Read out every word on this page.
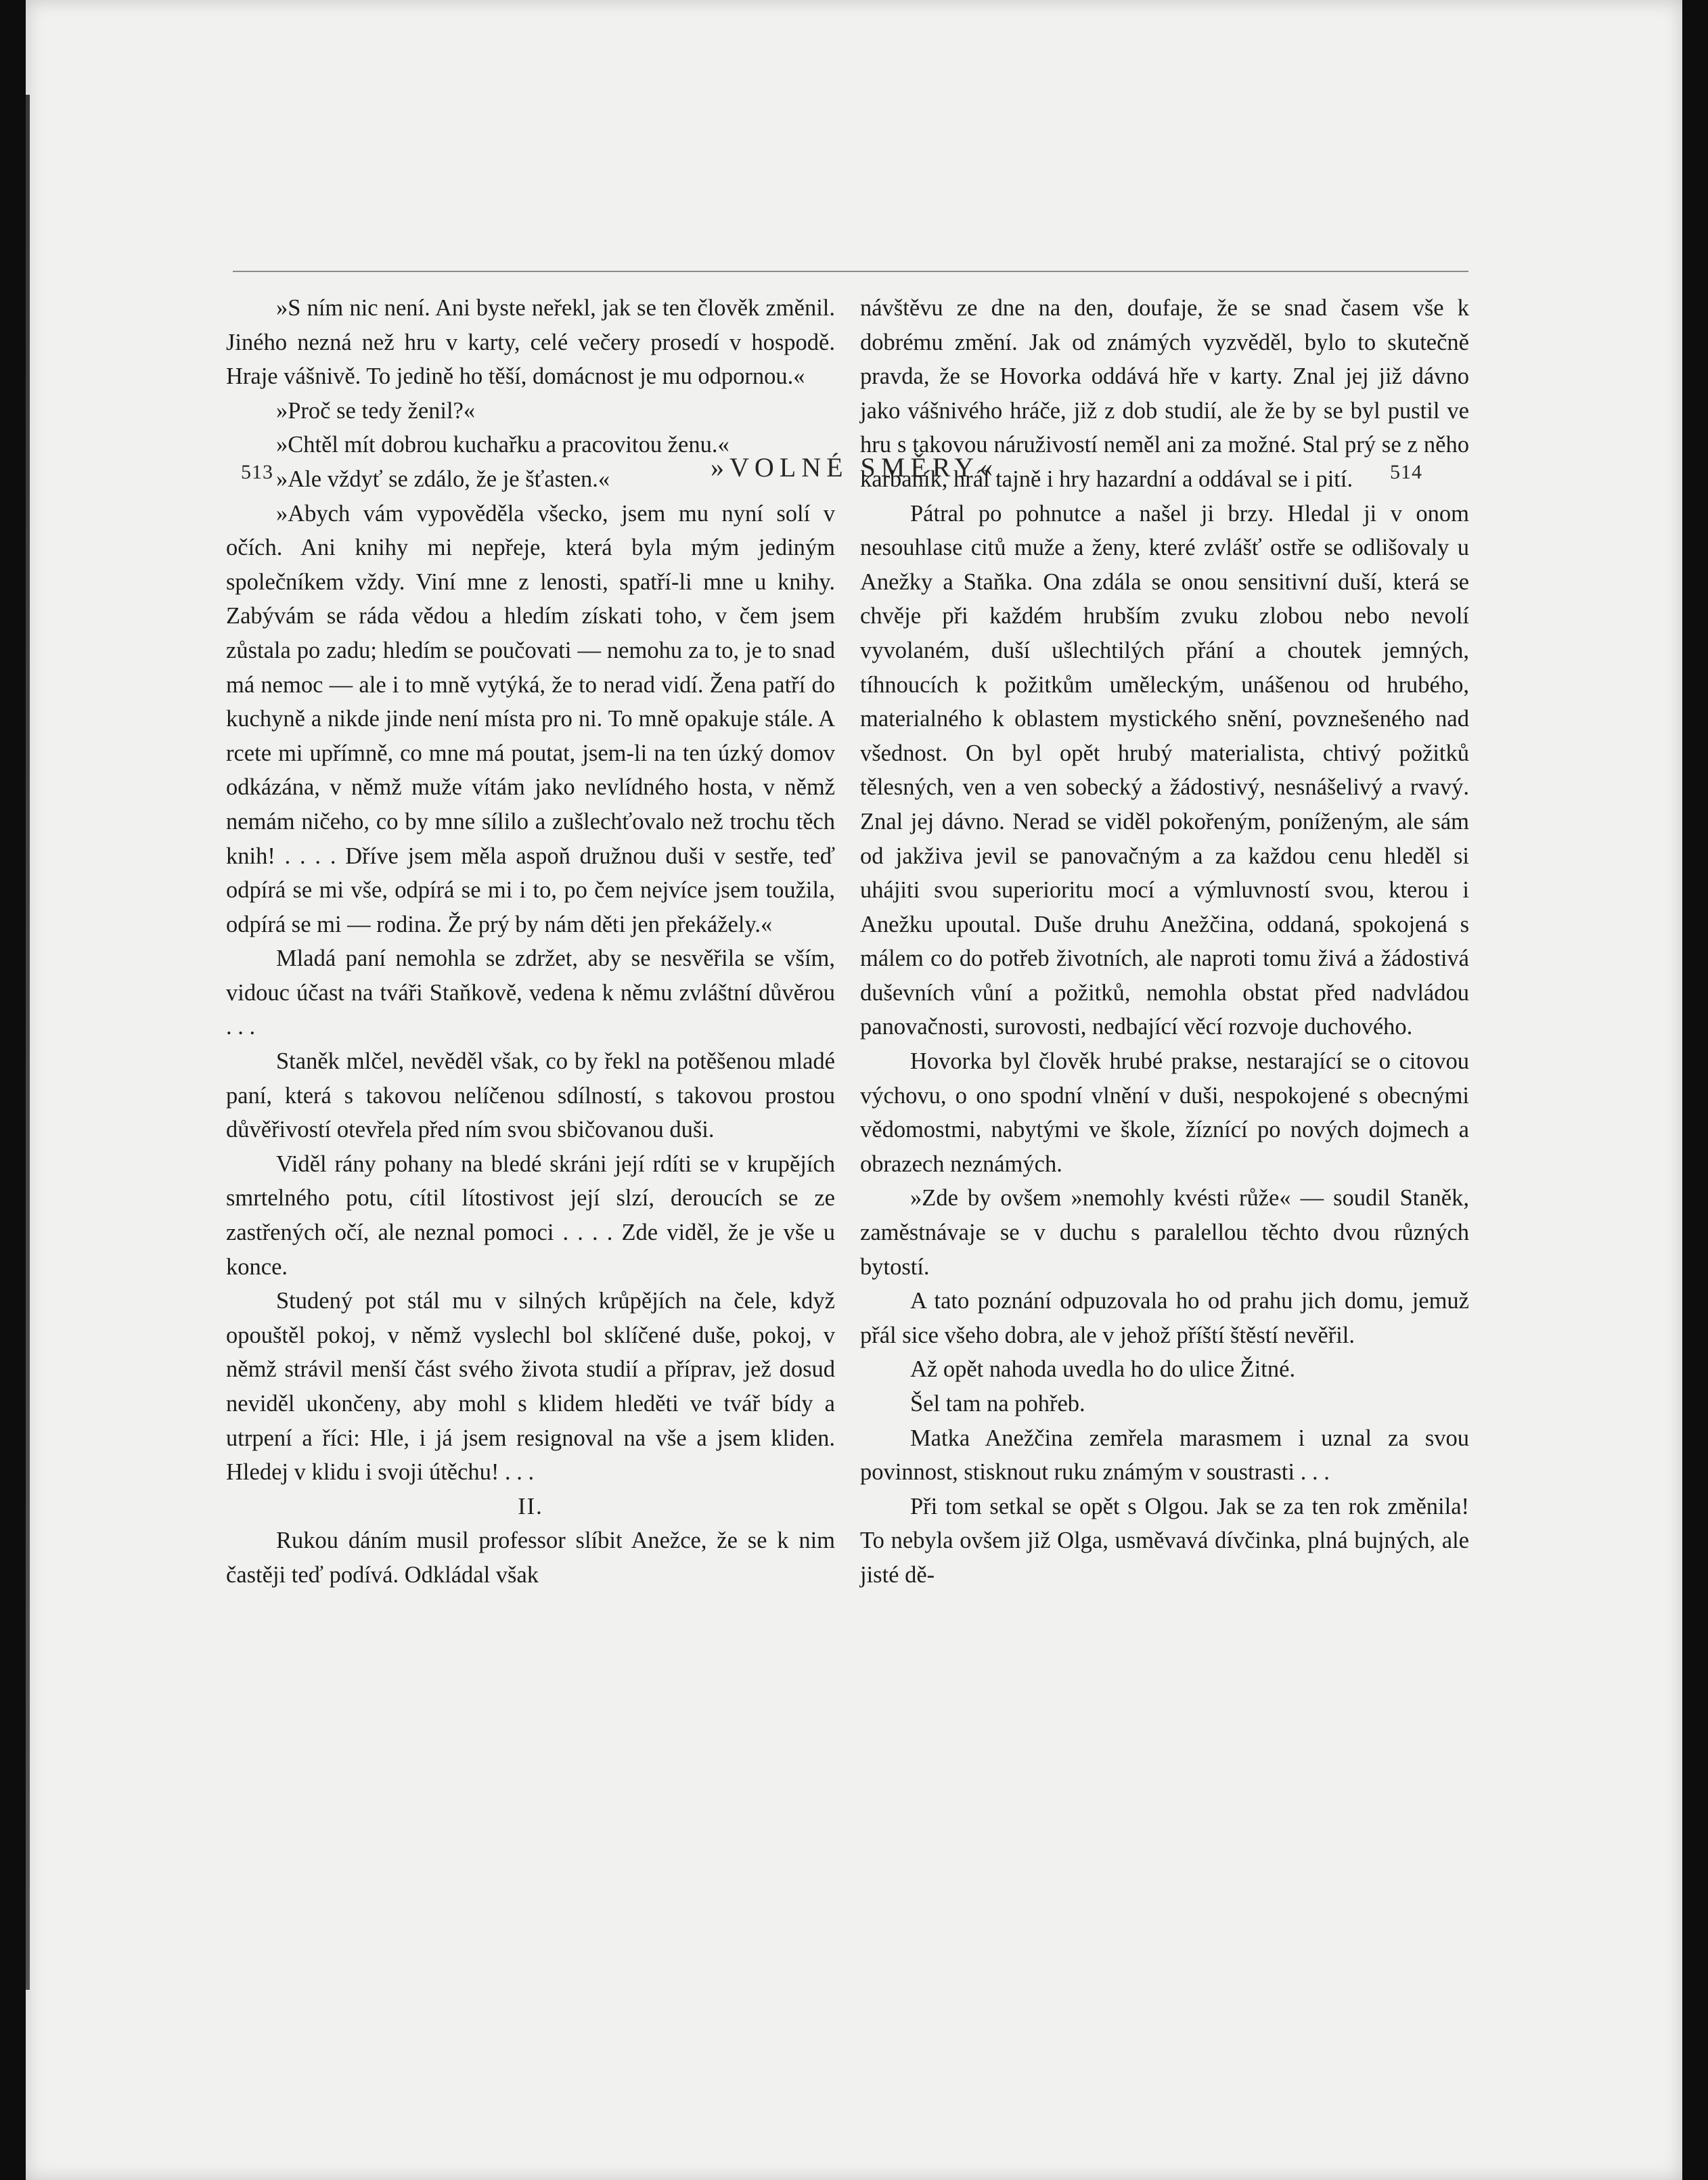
513	»VOLNÉ SMĚRY«	514

»S ním nic není. Ani byste neřekl, jak se ten člověk změnil. Jiného nezná než hru v karty, celé večery prosedí v hospodě. Hraje vášnivě. To jedině ho těší, domácnost je mu odpornou.«

»Proč se tedy ženil?«

»Chtěl mít dobrou kuchařku a pracovitou ženu.«

»Ale vždyť se zdálo, že je šťasten.«

»Abych vám vypověděla všecko, jsem mu nyní solí v očích. Ani knihy mi nepřeje, která byla mým jediným společníkem vždy. Viní mne z lenosti, spatří-li mne u knihy. Zabývám se ráda vědou a hledím získati toho, v čem jsem zůstala po zadu; hledím se poučovati — nemohu za to, je to snad má nemoc — ale i to mně vytýká, že to nerad vidí. Žena patří do kuchyně a nikde jinde není místa pro ni. To mně opakuje stále. A rcete mi upřímně, co mne má poutat, jsem-li na ten úzký domov odkázána, v němž muže vítám jako nevlídného hosta, v němž nemám ničeho, co by mne sílilo a zušlechťovalo než trochu těch knih! . . . . Dříve jsem měla aspoň družnou duši v sestře, teď odpírá se mi vše, odpírá se mi i to, po čem nejvíce jsem toužila, odpírá se mi — rodina. Že prý by nám děti jen překážely.«

Mladá paní nemohla se zdržet, aby se nesvěřila se vším, vidouc účast na tváři Staňkově, vedena k němu zvláštní důvěrou . . .

Staněk mlčel, nevěděl však, co by řekl na potěšenou mladé paní, která s takovou nelíčenou sdílností, s takovou prostou důvěřivostí otevřela před ním svou sbičovanou duši.

Viděl rány pohany na bledé skráni její rdíti se v krupějích smrtelného potu, cítil lítostivost její slzí, deroucích se ze zastřených očí, ale neznal pomoci . . . . Zde viděl, že je vše u konce.

Studený pot stál mu v silných krůpějích na čele, když opouštěl pokoj, v němž vyslechl bol sklíčené duše, pokoj, v němž strávil menší část svého života studií a příprav, jež dosud neviděl ukončeny, aby mohl s klidem hleděti ve tvář bídy a utrpení a říci: Hle, i já jsem resignoval na vše a jsem kliden. Hledej v klidu i svoji útěchu! . . .

II.

Rukou dáním musil professor slíbit Anežce, že se k nim častěji teď podívá. Odkládal však

návštěvu ze dne na den, doufaje, že se snad časem vše k dobrému změní. Jak od známých vyzvěděl, bylo to skutečně pravda, že se Hovorka oddává hře v karty. Znal jej již dávno jako vášnivého hráče, již z dob studií, ale že by se byl pustil ve hru s takovou náruživostí neměl ani za možné. Stal prý se z něho karbaník, hrál tajně i hry hazardní a oddával se i pití.

Pátral po pohnutce a našel ji brzy. Hledal ji v onom nesouhlase citů muže a ženy, které zvlášť ostře se odlišovaly u Anežky a Staňka. Ona zdála se onou sensitivní duší, která se chvěje při každém hrubším zvuku zlobou nebo nevolí vyvolaném, duší ušlechtilých přání a choutek jemných, tíhnoucích k požitkům uměleckým, unášenou od hrubého, materialného k oblastem mystického snění, povznešeného nad všednost. On byl opět hrubý materialista, chtivý požitků tělesných, ven a ven sobecký a žádostivý, nesnášelivý a rvavý. Znal jej dávno. Nerad se viděl pokořeným, poníženým, ale sám od jakživa jevil se panovačným a za každou cenu hleděl si uhájiti svou superioritu mocí a výmluvností svou, kterou i Anežku upoutal. Duše druhu Anežčina, oddaná, spokojená s málem co do potřeb životních, ale naproti tomu živá a žádostivá duševních vůní a požitků, nemohla obstat před nadvládou panovačnosti, surovosti, nedbající věcí rozvoje duchového.

Hovorka byl člověk hrubé prakse, nestarající se o citovou výchovu, o ono spodní vlnění v duši, nespokojené s obecnými vědomostmi, nabytými ve škole, žíznící po nových dojmech a obrazech neznámých.

»Zde by ovšem »nemohly kvésti růže« — soudil Staněk, zaměstnávaje se v duchu s paralellou těchto dvou různých bytostí.

A tato poznání odpuzovala ho od prahu jich domu, jemuž přál sice všeho dobra, ale v jehož příští štěstí nevěřil.

Až opět nahoda uvedla ho do ulice Žitné.

Šel tam na pohřeb.

Matka Anežčina zemřela marasmem i uznal za svou povinnost, stisknout ruku známým v soustrasti . . .

Při tom setkal se opět s Olgou. Jak se za ten rok změnila! To nebyla ovšem již Olga, usměvavá dívčinka, plná bujných, ale jisté dě-
